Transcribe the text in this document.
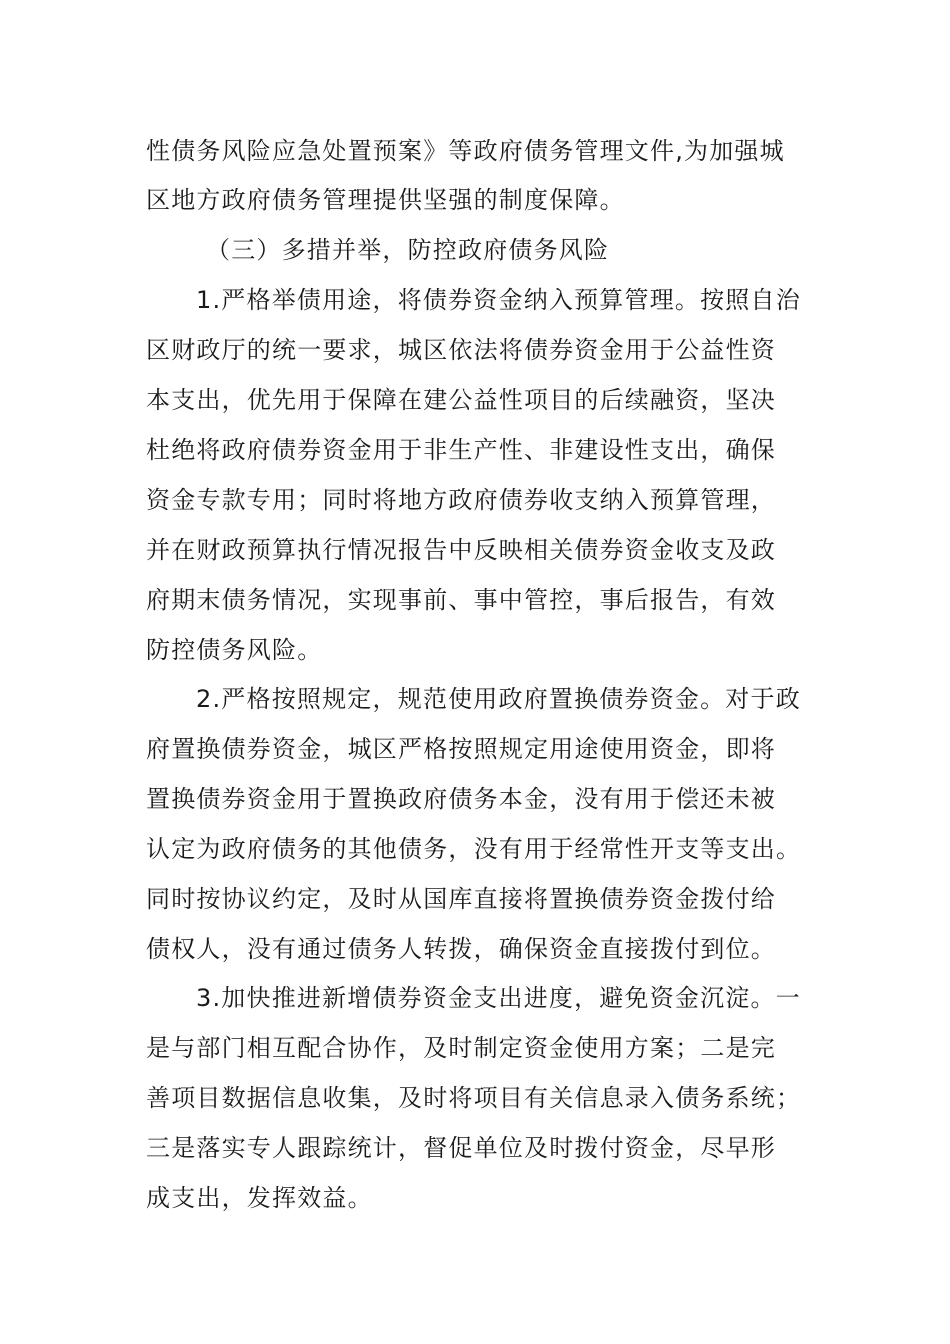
性债务风险应急处置预案》等政府债务管理文件,为加强城
区地方政府债务管理提供坚强的制度保障。
（三）多措并举，防控政府债务风险
1.严格举债用途，将债券资金纳入预算管理。按照自治
区财政厅的统一要求，城区依法将债券资金用于公益性资
本支出，优先用于保障在建公益性项目的后续融资，坚决
杜绝将政府债券资金用于非生产性、非建设性支出，确保
资金专款专用；同时将地方政府债券收支纳入预算管理，
并在财政预算执行情况报告中反映相关债券资金收支及政
府期末债务情况，实现事前、事中管控，事后报告，有效
防控债务风险。
2.严格按照规定，规范使用政府置换债券资金。对于政
府置换债券资金，城区严格按照规定用途使用资金，即将
置换债券资金用于置换政府债务本金，没有用于偿还未被
认定为政府债务的其他债务，没有用于经常性开支等支出。
同时按协议约定，及时从国库直接将置换债券资金拨付给
债权人，没有通过债务人转拨，确保资金直接拨付到位。
3.加快推进新增债券资金支出进度，避免资金沉淀。一
是与部门相互配合协作，及时制定资金使用方案；二是完
善项目数据信息收集，及时将项目有关信息录入债务系统；
三是落实专人跟踪统计，督促单位及时拨付资金，尽早形
成支出，发挥效益。
